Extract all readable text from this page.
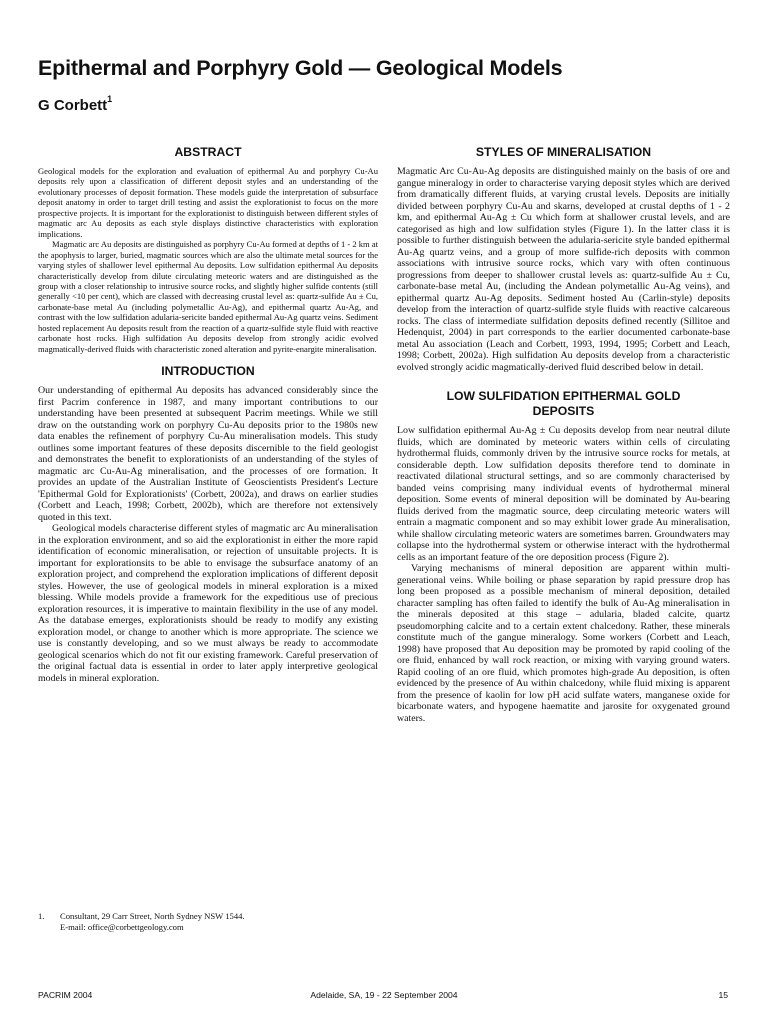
Epithermal and Porphyry Gold — Geological Models
G Corbett$^1$
ABSTRACT

Geological models for the exploration and evaluation of epithermal Au and porphyry Cu-Au deposits rely upon a classification of different deposit styles and an understanding of the evolutionary processes of deposit formation. These models guide the interpretation of subsurface deposit anatomy in order to target drill testing and assist the explorationist to focus on the more prospective projects. It is important for the explorationist to distinguish between different styles of magmatic arc Au deposits as each style displays distinctive characteristics with exploration implications.

Magmatic arc Au deposits are distinguished as porphyry Cu-Au formed at depths of 1 - 2 km at the apophysis to larger, buried, magmatic sources which are also the ultimate metal sources for the varying styles of shallower level epithermal Au deposits. Low sulfidation epithermal Au deposits characteristically develop from dilute circulating meteoric waters and are distinguished as the group with a closer relationship to intrusive source rocks, and slightly higher sulfide contents (still generally <10 per cent), which are classed with decreasing crustal level as: quartz-sulfide Au ± Cu, carbonate-base metal Au (including polymetallic Au-Ag), and epithermal quartz Au-Ag, and contrast with the low sulfidation adularia-sericite banded epithermal Au-Ag quartz veins. Sediment hosted replacement Au deposits result from the reaction of a quartz-sulfide style fluid with reactive carbonate host rocks. High sulfidation Au deposits develop from strongly acidic evolved magmatically-derived fluids with characteristic zoned alteration and pyrite-enargite mineralisation.

INTRODUCTION

Our understanding of epithermal Au deposits has advanced considerably since the first Pacrim conference in 1987, and many important contributions to our understanding have been presented at subsequent Pacrim meetings. While we still draw on the outstanding work on porphyry Cu-Au deposits prior to the 1980s new data enables the refinement of porphyry Cu-Au mineralisation models. This study outlines some important features of these deposits discernible to the field geologist and demonstrates the benefit to explorationists of an understanding of the styles of magmatic arc Cu-Au-Ag mineralisation, and the processes of ore formation. It provides an update of the Australian Institute of Geoscientists President's Lecture 'Epithermal Gold for Explorationists' (Corbett, 2002a), and draws on earlier studies (Corbett and Leach, 1998; Corbett, 2002b), which are therefore not extensively quoted in this text.

Geological models characterise different styles of magmatic arc Au mineralisation in the exploration environment, and so aid the explorationist in either the more rapid identification of economic mineralisation, or rejection of unsuitable projects. It is important for explorationsits to be able to envisage the subsurface anatomy of an exploration project, and comprehend the exploration implications of different deposit styles. However, the use of geological models in mineral exploration is a mixed blessing. While models provide a framework for the expeditious use of precious exploration resources, it is imperative to maintain flexibility in the use of any model. As the database emerges, explorationists should be ready to modify any existing exploration model, or change to another which is more appropriate. The science we use is constantly developing, and so we must always be ready to accommodate geological scenarios which do not fit our existing framework. Careful preservation of the original factual data is essential in order to later apply interpretive geological models in mineral exploration.

1. Consultant, 29 Carr Street, North Sydney NSW 1544.
E-mail: office@corbettgeology.com
STYLES OF MINERALISATION

Magmatic Arc Cu-Au-Ag deposits are distinguished mainly on the basis of ore and gangue mineralogy in order to characterise varying deposit styles which are derived from dramatically different fluids, at varying crustal levels. Deposits are initially divided between porphyry Cu-Au and skarns, developed at crustal depths of 1 - 2 km, and epithermal Au-Ag ± Cu which form at shallower crustal levels, and are categorised as high and low sulfidation styles (Figure 1). In the latter class it is possible to further distinguish between the adularia-sericite style banded epithermal Au-Ag quartz veins, and a group of more sulfide-rich deposits with common associations with intrusive source rocks, which vary with often continuous progressions from deeper to shallower crustal levels as: quartz-sulfide Au ± Cu, carbonate-base metal Au, (including the Andean polymetallic Au-Ag veins), and epithermal quartz Au-Ag deposits. Sediment hosted Au (Carlin-style) deposits develop from the interaction of quartz-sulfide style fluids with reactive calcareous rocks. The class of intermediate sulfidation deposits defined recently (Sillitoe and Hedenquist, 2004) in part corresponds to the earlier documented carbonate-base metal Au association (Leach and Corbett, 1993, 1994, 1995; Corbett and Leach, 1998; Corbett, 2002a). High sulfidation Au deposits develop from a characteristic evolved strongly acidic magmatically-derived fluid described below in detail.

LOW SULFIDATION EPITHERMAL GOLD
DEPOSITS

Low sulfidation epithermal Au-Ag ± Cu deposits develop from near neutral dilute fluids, which are dominated by meteoric waters within cells of circulating hydrothermal fluids, commonly driven by the intrusive source rocks for metals, at considerable depth. Low sulfidation deposits therefore tend to dominate in reactivated dilational structural settings, and so are commonly characterised by banded veins comprising many individual events of hydrothermal mineral deposition. Some events of mineral deposition will be dominated by Au-bearing fluids derived from the magmatic source, deep circulating meteoric waters will entrain a magmatic component and so may exhibit lower grade Au mineralisation, while shallow circulating meteoric waters are sometimes barren. Groundwaters may collapse into the hydrothermal system or otherwise interact with the hydrothermal cells as an important feature of the ore deposition process (Figure 2).

Varying mechanisms of mineral deposition are apparent within multi-generational veins. While boiling or phase separation by rapid pressure drop has long been proposed as a possible mechanism of mineral deposition, detailed character sampling has often failed to identify the bulk of Au-Ag mineralisation in the minerals deposited at this stage – adularia, bladed calcite, quartz pseudomorphing calcite and to a certain extent chalcedony. Rather, these minerals constitute much of the gangue mineralogy. Some workers (Corbett and Leach, 1998) have proposed that Au deposition may be promoted by rapid cooling of the ore fluid, enhanced by wall rock reaction, or mixing with varying ground waters. Rapid cooling of an ore fluid, which promotes high-grade Au deposition, is often evidenced by the presence of Au within chalcedony, while fluid mixing is apparent from the presence of kaolin for low pH acid sulfate waters, manganese oxide for bicarbonate waters, and hypogene haematite and jarosite for oxygenated ground waters.

PACRIM 2004	Adelaide, SA, 19 - 22 September 2004	15
